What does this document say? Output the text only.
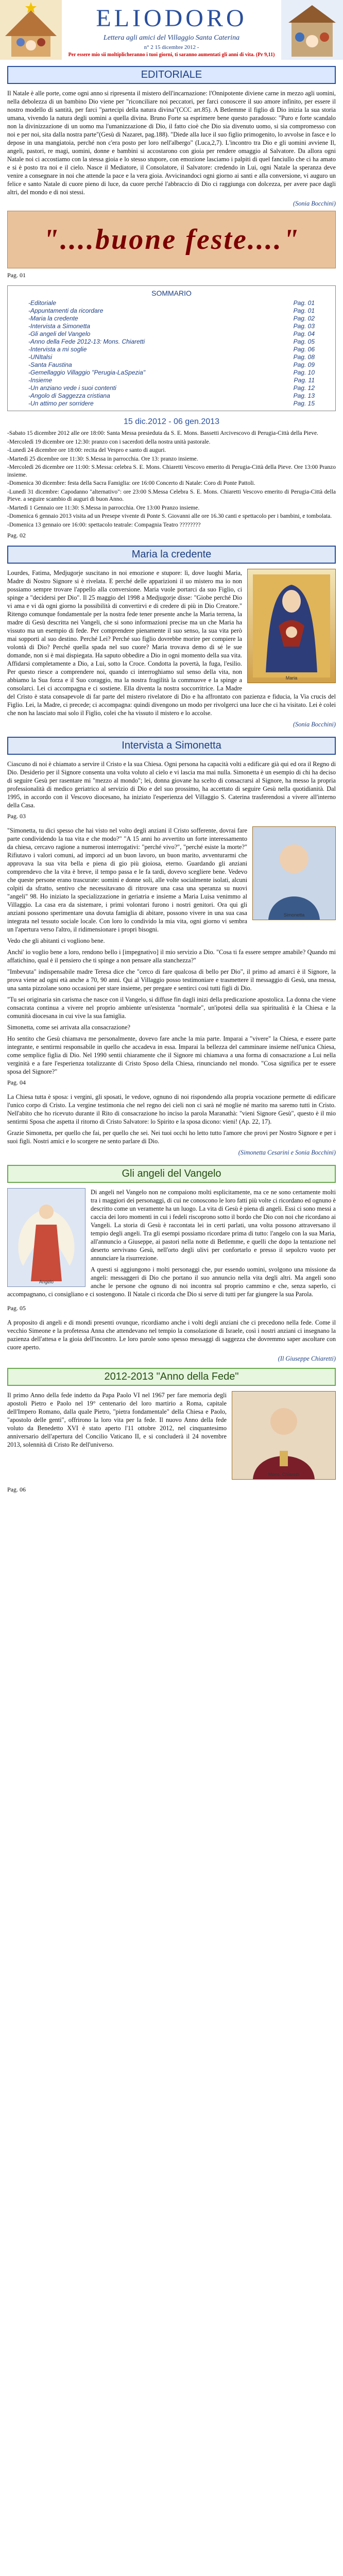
ELIODORO
Lettera agli amici del Villaggio Santa Caterina
n° 2 15 dicembre 2012 -
Per essere mio sii moltiplicheranno i tuoi giorni, ti saranno aumentati gli anni di vita. (Pr 9,11)
EDITORIALE

Il Natale è alle porte, come ogni anno si ripresenta il mistero dell'incarnazione: l'Onnipotente diviene carne in mezzo agli uomini, nella debolezza di un bambino Dio viene per "riconciliare noi peccatori, per farci conoscere il suo amore infinito, per essere il nostro modello di santità, per farci "partecipi della natura divina"(CCC art.85). A Betlemme il figlio di Dio inizia la sua storia umana, vivendo la natura degli uomini a quella divina. Bruno Forte sa esprimere bene questo paradosso: "Puro e forte scandalo non la divinizzazione di un uomo ma l'umanizzazione di Dio, il fatto cioè che Dio sia divenuto uomo, si sia compromesso con noi e per noi, sita dalla nostra parte"(Gesù di Nazaret, pag.188). "Diede alla luce il suo figlio primogenito, lo avvolse in fasce e lo depose in una mangiatoia, perché non c'era posto per loro nell'albergo" (Luca,2,7). L'incontro tra Dio e gli uomini avviene Il, angeli, pastori, re magi, uomini, donne e bambini si accostarono con gioia per rendere omaggio al Salvatore. Da allora ogni Natale noi ci accostiamo con la stessa gioia e lo stesso stupore, con emozione lasciamo i palpiti di quel fanciullo che ci ha amato e si è posto tra noi e il cielo. Nasce il Mediatore, il Consolatore, il Salvatore: credendo in Lui, ogni Natale la speranza deve venire a consegnare in noi che attende la pace e la vera gioia. Avvicinandoci ogni giorno ai santi e alla conversione, vi auguro un felice e santo Natale di cuore pieno di luce, da cuore perché l'abbraccio di Dio ci raggiunga con dolcezza, per avere pace dagli altri, del mondo e di noi stessi.

(Sonia Bocchini)

"....buone feste...."
Pag. 01
SOMMARIO
-Editoriale	Pag. 01
-Appuntamenti da ricordare	Pag. 01
-Maria la credente	Pag. 02
-Intervista a Simonetta	Pag. 03
-Gli angeli del Vangelo	Pag. 04
-Anno della Fede 2012-13: Mons. Chiaretti	Pag. 05
-Intervista a mi soglie	Pag. 06
-UNItalsi	Pag. 08
-Santa Faustina	Pag. 09
-Gemellaggio Villaggio "Perugia-LaSpezia"	Pag. 10
-Insieme	Pag. 11
-Un anziano vede i suoi contenti	Pag. 12
-Angolo di Saggezza cristiana	Pag. 13
-Un attimo per sorridere	Pag. 15
15 dic.2012 - 06 gen.2013

-Sabato 15 dicembre 2012 alle ore 18:00: Santa Messa presieduta da S. E. Mons. Bassetti Arcivescovo di Perugia-Città della Pieve.

-Mercoledì 19 dicembre ore 12:30: pranzo con i sacerdoti della nostra unità pastorale.

-Lunedì 24 dicembre ore 18:00: recita del Vespro e santo di auguri.

-Martedì 25 dicembre ore 11:30: S.Messa in parrocchia. Ore 13: pranzo insieme.

-Mercoledì 26 dicembre ore 11:00: S.Messa: celebra S. E. Mons. Chiaretti Vescovo emerito di Perugia-Città della Pieve. Ore 13:00 Pranzo insieme.

-Domenica 30 dicembre: festa della Sacra Famiglia: ore 16:00 Concerto di Natale: Coro di Ponte Pattoli.

-Lunedì 31 dicembre: Capodanno "alternativo": ore 23:00 S.Messa Celebra S. E. Mons. Chiaretti Vescovo emerito di Perugia-Città della Pieve. a seguire scambio di auguri di buon Anno.

-Martedì 1 Gennaio ore 11:30: S.Messa in parrocchia. Ore 13:00 Pranzo insieme.

-Domenica 6 gennaio 2013 visita ad un Presepe vivente di Ponte S. Giovanni alle ore 16.30 canti e spettacolo per i bambini, e tombolata.

-Domenica 13 gennaio ore 16:00: spettacolo teatrale: Compagnia Teatro ????????

Pag. 02
Maria la credente
Maria

Lourdes, Fatima, Medjugorje suscitano in noi emozione e stupore: lì, dove luoghi Maria, Madre di Nostro Signore si è rivelata. E perché delle apparizioni il uo mistero ma io non possiamo sempre trovare l'appello alla conversione. Maria vuole portarci da suo Figlio, ci spinge a "decidersi per Dio". Il 25 maggio del 1998 a Medjugorje disse: "Giobe perché Dio vi ama e vi dà ogni giorno la possibilità di convertirvi e di credere di più in Dio Creatore." Ritengo comunque fondamentale per la nostra fede tener presente anche la Maria terrena, la madre di Gesù descritta nei Vangeli, che si sono informazioni precise ma un che Maria ha vissuto ma un esempio di fede. Per comprendere pienamente il suo senso, la sua vita però mai sopporti al suo destino. Perché Lei? Perché suo figlio dovrebbe morire per compiere la volontà di Dio? Perché quella spada nel suo cuore? Maria trovava demo di sé le sue domande, non si è mai dispiegata. Ha saputo obbedire a Dio in ogni momento della sua vita. Affidarsi completamente a Dio, a Lui, sotto la Croce. Condotta la povertà, la fuga, l'esilio. Per questo riesce a comprendere noi, quando ci interroghiamo sul senso della vita, non abbiamo la Sua forza e il Suo coraggio, ma la nostra fragilità la commuove e la spinge a consolarci. Lei ci accompagna e ci sostiene. Ella diventa la nostra soccorritrice. La Madre del Cristo è stata consapevole di far parte del mistero rivelatore di Dio e ha affrontato con pazienza e fiducia, la Via crucis del Figlio. Lei, la Madre, ci precede; ci accompagna: quindi divengono un modo per rivolgerci una luce che ci ha visitato. Lei è colei che non ha lasciato mai solo il Figlio, colei che ha vissuto il mistero e lo accolse.

(Sonia Bocchini)

Intervista a Simonetta

Ciascuno di noi è chiamato a servire il Cristo e la sua Chiesa. Ogni persona ha capacità volti a edificare già qui ed ora il Regno di Dio. Desiderio per il Signore consenta una volta voluto al cielo e vi lascia ma mai nulla. Simonetta è un esempio di chi ha deciso di seguire Gesù per rasentare mi "mezzo al mondo"; lei, donna giovane ha scelto di consacrarsi al Signore, ha messo la propria professionalità di medico geriatrico al servizio di Dio e del suo prossimo, ha accettato di seguire Gesù nella quotidianità. Dal 1995, in accordo con il Vescovo diocesano, ha iniziato l'esperienza del Villaggio S. Caterina trasferendosi a vivere all'interno della Casa.

Pag. 03
Simonetta

"Simonetta, tu dici spesso che hai visto nel volto degli anziani il Cristo sofferente, dovrai fare parte condividendo la tua vita e che modo?" "A 15 anni ho avvertito un forte interessamento da chiesa, cercavo ragione a numerosi interrogativi: "perché vivo?", "perché esiste la morte?" Rifiutavo i valori comuni, ad imporci ad un buon lavoro, un buon marito, avventurarmi che approvava la sua vita bella e piena di gio più gioiosa, eterno. Guardando gli anziani comprendevo che la vita è breve, il tempo passa e le fa tardi, dovevo scegliere bene. Vedevo che queste persone erano trascurate: uomini e donne soli, alle volte socialmente isolati, alcuni colpiti da sfratto, sentivo che necessitavano di ritrovare una casa una speranza su nuovi "angeli" 98. Ho iniziato la specializzazione in geriatria e insieme a Maria Luisa venimmo al Villaggio. La casa era da sistemare, i primi volontari furono i nostri genitori. Ora qui gli anziani possono sperimentare una dovuta famiglia di abitare, possono vivere in una sua casa integrata nel tessuto sociale locale. Con loro lo condivido la mia vita, ogni giorno vi sembra un l'apertura verso l'altro, il ridimensionare i propri bisogni.

Vedo che gli abitanti ci vogliono bene.

Anchi' io voglio bene a loro, rendono bello i [impegnativo] il mio servizio a Dio. "Cosa ti fa essere sempre amabile? Quando mi affatichino, qual è il pensiero che ti spinge a non pensare alla stanchezza?"

"Imbevuta" indispensabile madre Teresa dice che "cerco di fare qualcosa di bello per Dio", il primo ad amarci è il Signore, la prova viene ad ogni età anche a 70, 90 anni. Qui al Villaggio posso testimoniare e trasmettere il messaggio di Gesù, una messa, una santa pizzolane sono occasioni per stare insieme, per pregare e sentirci così tutti figli di Dio.

"Tu sei originaria sin carisma che nasce con il Vangelo, si diffuse fin dagli inizi della predicazione apostolica. La donna che viene consacrata continua a vivere nel proprio ambiente un'esistenza "normale", un'ipotesi della sua spiritualità è la Chiesa e la comunità diocesana in cui vive la sua famiglia.

Simonetta, come sei arrivata alla consacrazione?

Ho sentito che Gesù chiamava me personalmente, dovevo fare anche la mia parte. Imparai a "vivere" la Chiesa, e essere parte integrante, e sentirmi responsabile in quello che accadeva in essa. Imparai la bellezza del camminare insieme nell'unica Chiesa, come semplice figlia di Dio. Nel 1990 sentii chiaramente che il Signore mi chiamava a una forma di consacrazione a Lui nella verginità e a fare l'esperienza totalizzante di Cristo Sposo della Chiesa, rinunciando nel mondo. "Cosa significa per te essere sposa del Signore?"

Pag. 04

La Chiesa tutta è sposa: i vergini, gli sposati, le vedove, ognuno di noi rispondendo alla propria vocazione permette di edificare l'unico corpo di Cristo. La vergine testimonia che nel regno dei cieli non ci sarà né moglie né marito ma saremo tutti in Cristo. Nell'abito che ho ricevuto durante il Rito di consacrazione ho inciso la parola Maranathà: "vieni Signore Gesù", questo è il mio sentirmi Sposa che aspetta il ritorno di Cristo Salvatore: lo Spirito e la sposa dicono: vieni! (Ap. 22, 17).

Grazie Simonetta, per quello che fai, per quello che sei. Nei tuoi occhi ho letto tutto l'amore che provi per Nostro Signore e per i suoi figli. Nostri amici e lo scorgere ne sento parlare di Dio.

(Simonetta Cesarini e Sonia Bocchini)

Gli angeli del Vangelo
Angelo

Di angeli nel Vangelo non ne compaiono molti esplicitamente, ma ce ne sono certamente molti tra i maggiori dei personaggi, di cui ne conoscono le loro fatti più volte ci ricordano ed ognuno è descritto come un veramente ha un luogo. La vita di Gesù è piena di angeli. Essi ci sono messi a caccia dei loro momenti in cui i fedeli riscoprono sotto il bordo che Dio con noi che ricordano ai Vangeli. La storia di Gesù è raccontata lei in certi parlati, una volta possono attraversano il tempio degli angeli. Tra gli esempi possiamo ricordare prima di tutto: l'angelo con la sua Maria, all'annuncio a Giuseppe, ai pastori nella notte di Betlemme, e quelli che dopo la tentazione nel deserto servivano Gesù, nell'orto degli ulivi per confortarlo e presso il sepolcro vuoto per annunciare la risurrezione.

A questi si aggiungono i molti personaggi che, pur essendo uomini, svolgono una missione da angeli: messaggeri di Dio che portano il suo annuncio nella vita degli altri. Ma angeli sono anche le persone che ognuno di noi incontra sul proprio cammino e che, senza saperlo, ci accompagnano, ci consigliano e ci sostengono. Il Natale ci ricorda che Dio si serve di tutti per far giungere la sua Parola.

Pag. 05

A proposito di angeli e di mondi presenti ovunque, ricordiamo anche i volti degli anziani che ci precedono nella fede. Come il vecchio Simeone e la profetessa Anna che attendevano nel tempio la consolazione di Israele, così i nostri anziani ci insegnano la pazienza dell'attesa e la gioia dell'incontro. Le loro parole sono spesso messaggi di saggezza che dovremmo saper ascoltare con cuore aperto.

(Il Giuseppe Chiaretti)

2012-2013 "Anno della Fede"
Mons. Chiaretti

Il primo Anno della fede indetto da Papa Paolo VI nel 1967 per fare memoria degli apostoli Pietro e Paolo nel 19° centenario del loro martirio a Roma, capitale dell'Impero Romano, dalla quale Pietro, "pietra fondamentale" della Chiesa e Paolo, "apostolo delle genti", offrirono la loro vita per la fede. Il nuovo Anno della fede voluto da Benedetto XVI è stato aperto l'11 ottobre 2012, nel cinquantesimo anniversario dell'apertura del Concilio Vaticano II, e si concluderà il 24 novembre 2013, solennità di Cristo Re dell'universo.

Pag. 06
